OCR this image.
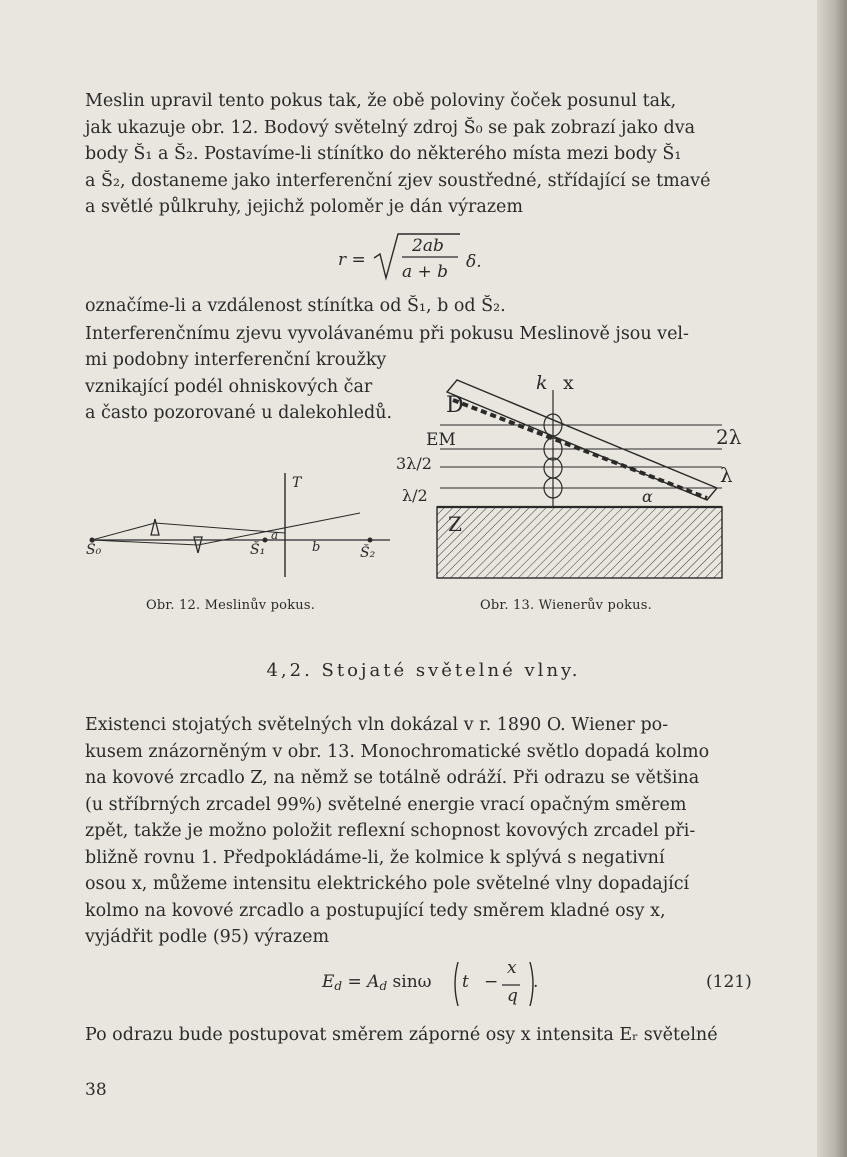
Meslin upravil tento pokus tak, že obě poloviny čoček posunul tak,
jak ukazuje obr. 12. Bodový světelný zdroj S̆₀ se pak zobrazí jako dva
body S̆₁ a S̆₂. Postavíme-li stínítko do některého místa mezi body S̆₁
a S̆₂, dostaneme jako interferenční zjev soustředné, střídající se tmavé
a světlé půlkruhy, jejichž poloměr je dán výrazem
r =
2ab
a + b δ.
označíme-li a vzdálenost stínítka od S̆₁, b od S̆₂.
Interferenčnímu zjevu vyvolávanému při pokusu Meslinově jsou vel-
mi podobny interferenční kroužky
vznikající podél ohniskových čar
a často pozorované u dalekohledů.
T
S̆₀	S̆₁
a
b	S̆₂
Obr. 12. Meslinův pokus.
k x
D
EM	2λ
3λ/2	λ
λ/2	α
Z
Obr. 13. Wienerův pokus.
4,2. Stojaté světelné vlny.
Existenci stojatých světelných vln dokázal v r. 1890 O. Wiener po-
kusem znázorněným v obr. 13. Monochromatické světlo dopadá kolmo
na kovové zrcadlo Z, na němž se totálně odráží. Při odrazu se většina
(u stříbrných zrcadel 99%) světelné energie vrací opačným směrem
zpět, takže je možno položit reflexní schopnost kovových zrcadel při-
bližně rovnu 1. Předpokládáme-li, že kolmice k splývá s negativní
osou x, můžeme intensitu elektrického pole světelné vlny dopadající
kolmo na kovové zrcadlo a postupující tedy směrem kladné osy x,
vyjádřit podle (95) výrazem
$E_d = A_d$ sinω t −
x
q
.	(121)
Po odrazu bude postupovat směrem záporné osy x intensita Eᵣ světelné
38
